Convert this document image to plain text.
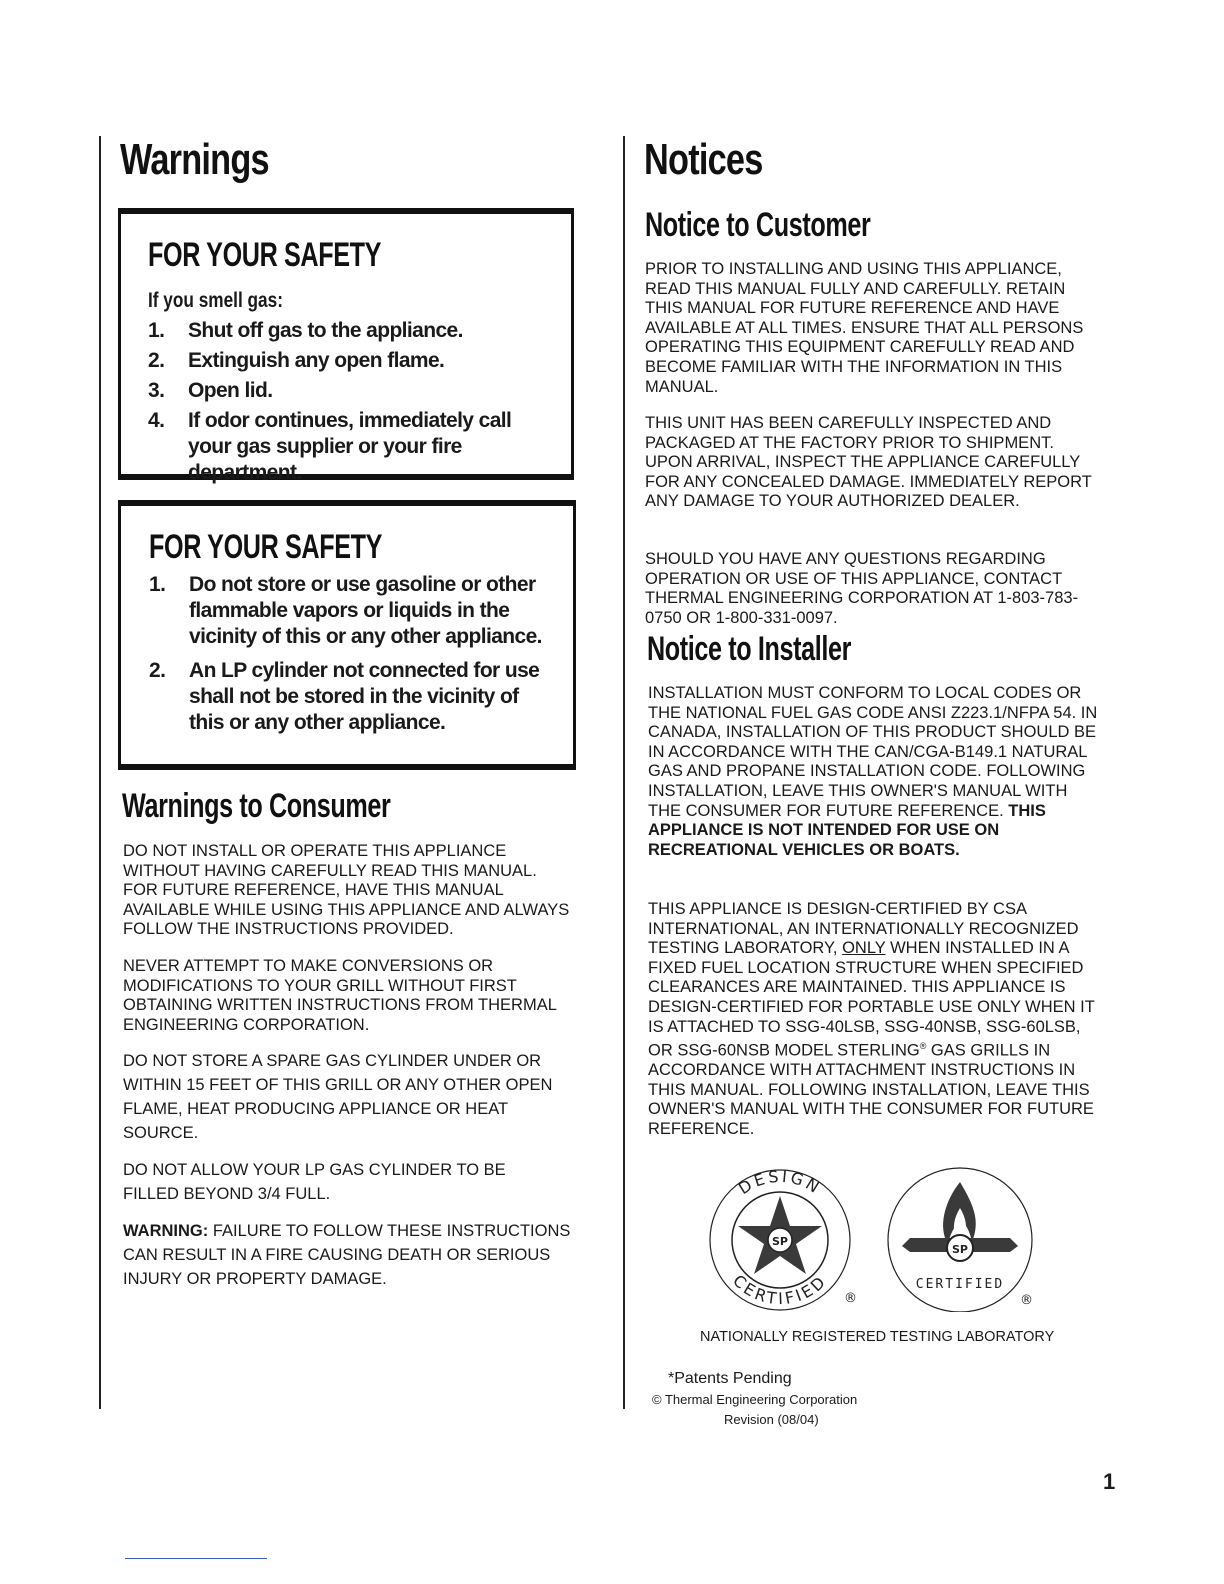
Warnings
FOR YOUR SAFETY

If you smell gas:

1. Shut off gas to the appliance.
2. Extinguish any open flame.
3. Open lid.
4. If odor continues, immediately call your gas supplier or your fire department.
FOR YOUR SAFETY
1. Do not store or use gasoline or other flammable vapors or liquids in the vicinity of this or any other appliance.
2. An LP cylinder not connected for use shall not be stored in the vicinity of this or any other appliance.
Warnings to Consumer

DO NOT INSTALL OR OPERATE THIS APPLIANCE WITHOUT HAVING CAREFULLY READ THIS MANUAL. FOR FUTURE REFERENCE, HAVE THIS MANUAL AVAILABLE WHILE USING THIS APPLIANCE AND ALWAYS FOLLOW THE INSTRUCTIONS PROVIDED.

NEVER ATTEMPT TO MAKE CONVERSIONS OR MODIFICATIONS TO YOUR GRILL WITHOUT FIRST OBTAINING WRITTEN INSTRUCTIONS FROM THERMAL ENGINEERING CORPORATION.

DO NOT STORE A SPARE GAS CYLINDER UNDER OR WITHIN 15 FEET OF THIS GRILL OR ANY OTHER OPEN FLAME, HEAT PRODUCING APPLIANCE OR HEAT SOURCE.

DO NOT ALLOW YOUR LP GAS CYLINDER TO BE FILLED BEYOND 3/4 FULL.

WARNING: FAILURE TO FOLLOW THESE INSTRUCTIONS CAN RESULT IN A FIRE CAUSING DEATH OR SERIOUS INJURY OR PROPERTY DAMAGE.

Notices
Notice to Customer

PRIOR TO INSTALLING AND USING THIS APPLIANCE, READ THIS MANUAL FULLY AND CAREFULLY. RETAIN THIS MANUAL FOR FUTURE REFERENCE AND HAVE AVAILABLE AT ALL TIMES. ENSURE THAT ALL PERSONS OPERATING THIS EQUIPMENT CAREFULLY READ AND BECOME FAMILIAR WITH THE INFORMATION IN THIS MANUAL.

THIS UNIT HAS BEEN CAREFULLY INSPECTED AND PACKAGED AT THE FACTORY PRIOR TO SHIPMENT. UPON ARRIVAL, INSPECT THE APPLIANCE CAREFULLY FOR ANY CONCEALED DAMAGE. IMMEDIATELY REPORT ANY DAMAGE TO YOUR AUTHORIZED DEALER.

SHOULD YOU HAVE ANY QUESTIONS REGARDING OPERATION OR USE OF THIS APPLIANCE, CONTACT THERMAL ENGINEERING CORPORATION AT 1-803-783-0750 OR 1-800-331-0097.

Notice to Installer

INSTALLATION MUST CONFORM TO LOCAL CODES OR THE NATIONAL FUEL GAS CODE ANSI Z223.1/NFPA 54. IN CANADA, INSTALLATION OF THIS PRODUCT SHOULD BE IN ACCORDANCE WITH THE CAN/CGA-B149.1 NATURAL GAS AND PROPANE INSTALLATION CODE. FOLLOWING INSTALLATION, LEAVE THIS OWNER'S MANUAL WITH THE CONSUMER FOR FUTURE REFERENCE. THIS APPLIANCE IS NOT INTENDED FOR USE ON RECREATIONAL VEHICLES OR BOATS.

THIS APPLIANCE IS DESIGN-CERTIFIED BY CSA INTERNATIONAL, AN INTERNATIONALLY RECOGNIZED TESTING LABORATORY, ONLY WHEN INSTALLED IN A FIXED FUEL LOCATION STRUCTURE WHEN SPECIFIED CLEARANCES ARE MAINTAINED. THIS APPLIANCE IS DESIGN-CERTIFIED FOR PORTABLE USE ONLY WHEN IT IS ATTACHED TO SSG-40LSB, SSG-40NSB, SSG-60LSB, OR SSG-60NSB MODEL STERLING® GAS GRILLS IN ACCORDANCE WITH ATTACHMENT INSTRUCTIONS IN THIS MANUAL. FOLLOWING INSTALLATION, LEAVE THIS OWNER'S MANUAL WITH THE CONSUMER FOR FUTURE REFERENCE.

SP
DESIGN
CERTIFIED
®
SP
CERTIFIED
®

NATIONALLY REGISTERED TESTING LABORATORY

*Patents Pending

© Thermal Engineering Corporation

Revision (08/04)

1
